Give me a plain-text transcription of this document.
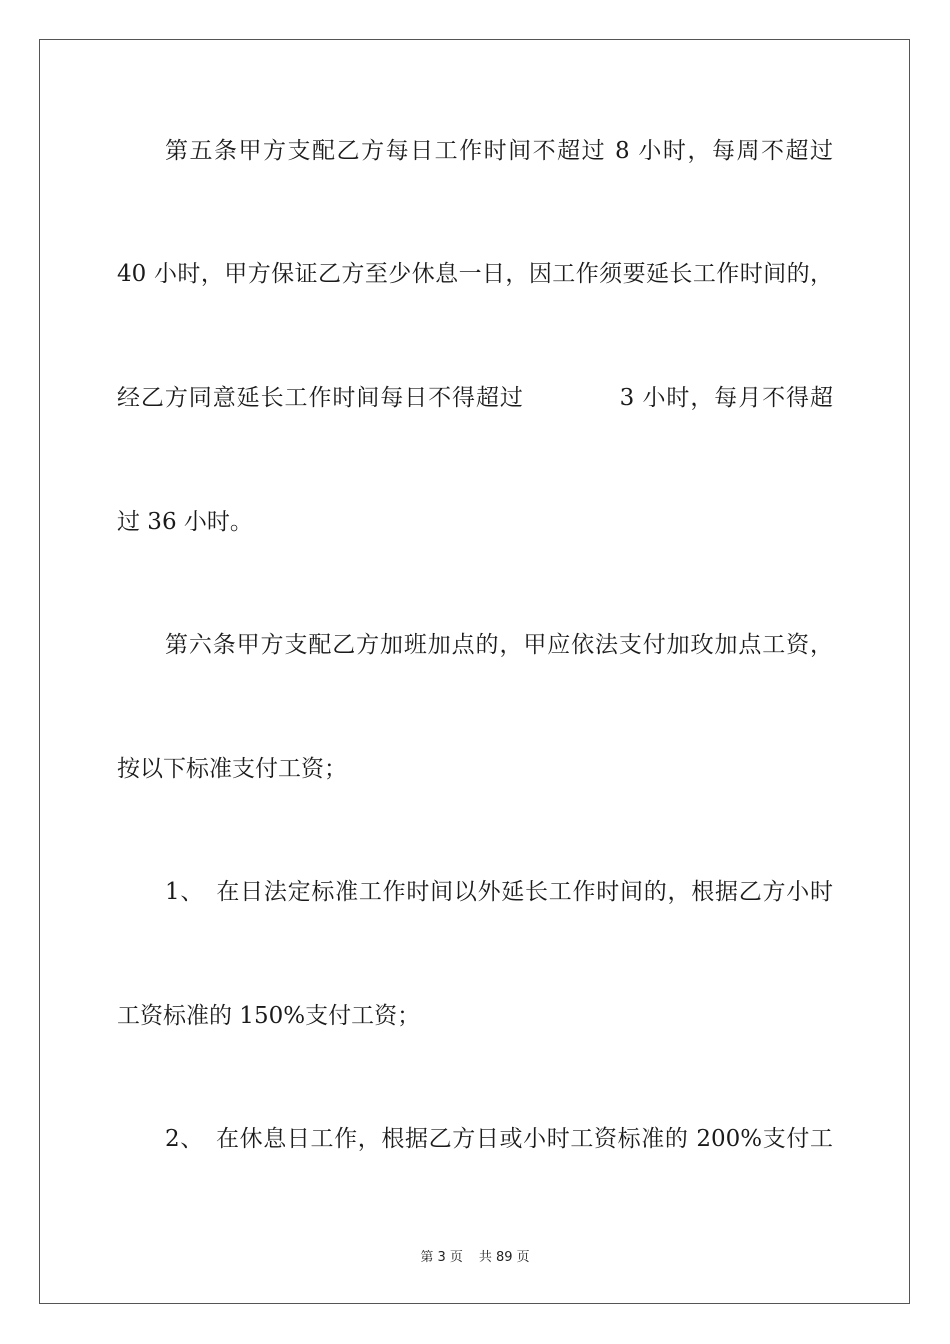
第五条甲方支配乙方每日工作时间不超过 8 小时，每周不超过
40 小时，甲方保证乙方至少休息一日，因工作须要延长工作时间的，
经乙方同意延长工作时间每日不得超过　　　　3 小时，每月不得超
过 36 小时。
第六条甲方支配乙方加班加点的，甲应依法支付加玫加点工资，
按以下标准支付工资；
1、　在日法定标准工作时间以外延长工作时间的，根据乙方小时
工资标准的 150%支付工资；
2、　在休息日工作，根据乙方日或小时工资标准的 200%支付工
第 3 页 共 89 页
